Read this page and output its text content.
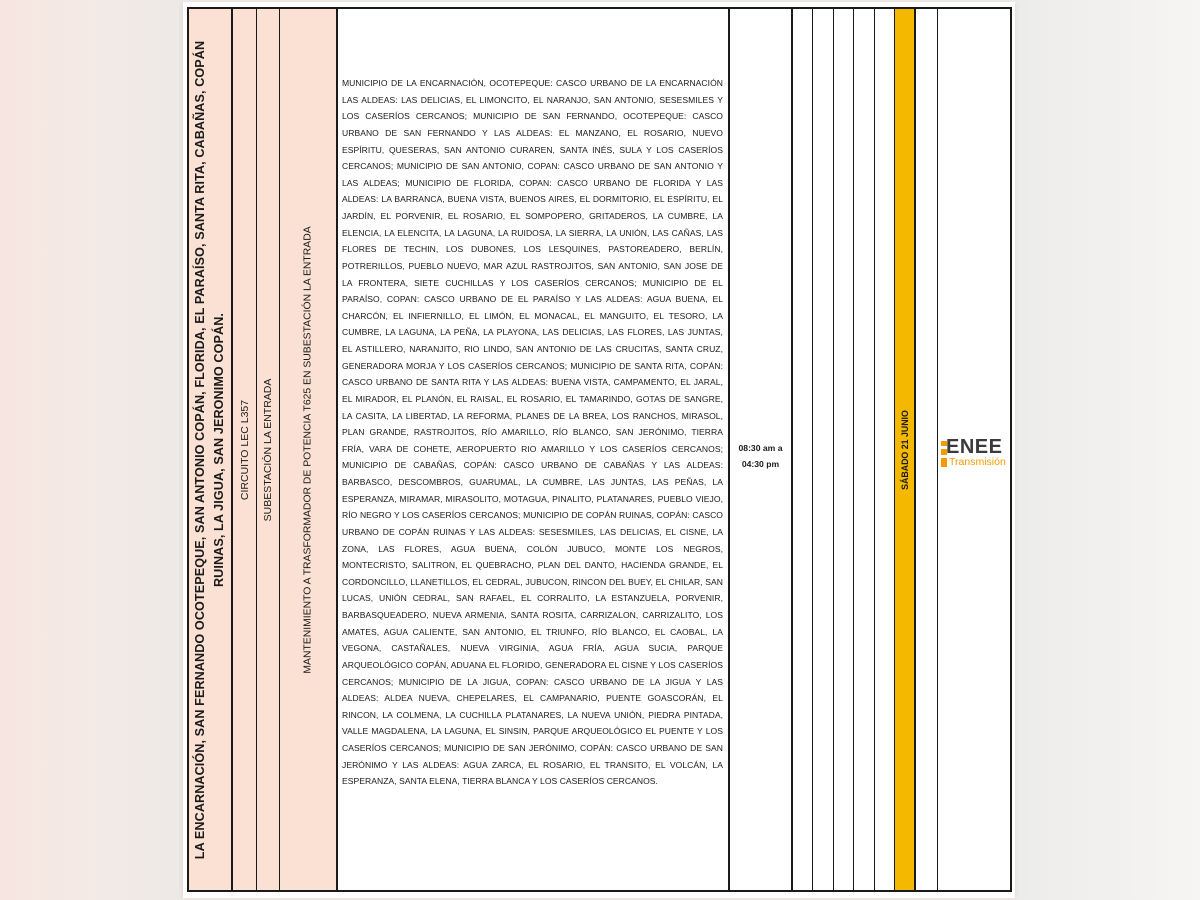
LA ENCARNACIÓN, SAN FERNANDO OCOTEPEQUE, SAN ANTONIO COPÁN, FLORIDA, EL PARAÍSO, SANTA RITA, CABAÑAS, COPÁN RUINAS, LA JIGUA, SAN JERONIMO COPÁN. CIRCUITO LEC L357 SUBESTACIÓN LA ENTRADA	MANTENIMIENTO A TRASFORMADOR DE POTENCIA T625 EN SUBESTACIÓN LA ENTRADA
MUNICIPIO DE LA ENCARNACIÓN, OCOTEPEQUE: CASCO URBANO DE LA ENCARNACIÓN LAS ALDEAS: LAS DELICIAS, EL LIMONCITO, EL NARANJO, SAN ANTONIO, SESESMILES Y LOS CASERÍOS CERCANOS; MUNICIPIO DE SAN FERNANDO, OCOTEPEQUE: CASCO URBANO DE SAN FERNANDO Y LAS ALDEAS: EL MANZANO, EL ROSARIO, NUEVO ESPÍRITU, QUESERAS, SAN ANTONIO CURAREN, SANTA INÉS, SULA Y LOS CASERÍOS CERCANOS; MUNICIPIO DE SAN ANTONIO, COPAN: CASCO URBANO DE SAN ANTONIO Y LAS ALDEAS; MUNICIPIO DE FLORIDA, COPAN: CASCO URBANO DE FLORIDA Y LAS ALDEAS: LA BARRANCA, BUENA VISTA, BUENOS AIRES, EL DORMITORIO, EL ESPÍRITU, EL JARDÍN, EL PORVENIR, EL ROSARIO, EL SOMPOPERO, GRITADEROS, LA CUMBRE, LA ELENCIA, LA ELENCITA, LA LAGUNA, LA RUIDOSA, LA SIERRA, LA UNIÓN, LAS CAÑAS, LAS FLORES DE TECHIN, LOS DUBONES, LOS LESQUINES, PASTOREADERO, BERLÍN, POTRERILLOS, PUEBLO NUEVO, MAR AZUL RASTROJITOS, SAN ANTONIO, SAN JOSE DE LA FRONTERA, SIETE CUCHILLAS Y LOS CASERÍOS CERCANOS; MUNICIPIO DE EL PARAÍSO, COPAN: CASCO URBANO DE EL PARAÍSO Y LAS ALDEAS: AGUA BUENA, EL CHARCÓN, EL INFIERNILLO, EL LIMÓN, EL MONACAL, EL MANGUITO, EL TESORO, LA CUMBRE, LA LAGUNA, LA PEÑA, LA PLAYONA, LAS DELICIAS, LAS FLORES, LAS JUNTAS, EL ASTILLERO, NARANJITO, RIO LINDO, SAN ANTONIO DE LAS CRUCITAS, SANTA CRUZ, GENERADORA MORJA Y LOS CASERÍOS CERCANOS; MUNICIPIO DE SANTA RITA, COPÁN: CASCO URBANO DE SANTA RITA Y LAS ALDEAS: BUENA VISTA, CAMPAMENTO, EL JARAL, EL MIRADOR, EL PLANÓN, EL RAISAL, EL ROSARIO, EL TAMARINDO, GOTAS DE SANGRE, LA CASITA, LA LIBERTAD, LA REFORMA, PLANES DE LA BREA, LOS RANCHOS, MIRASOL, PLAN GRANDE, RASTROJITOS, RÍO AMARILLO, RÍO BLANCO, SAN JERÓNIMO, TIERRA FRÍA, VARA DE COHETE, AEROPUERTO RIO AMARILLO Y LOS CASERÍOS CERCANOS; MUNICIPIO DE CABAÑAS, COPÁN: CASCO URBANO DE CABAÑAS Y LAS ALDEAS: BARBASCO, DESCOMBROS, GUARUMAL, LA CUMBRE, LAS JUNTAS, LAS PEÑAS, LA ESPERANZA, MIRAMAR, MIRASOLITO, MOTAGUA, PINALITO, PLATANARES, PUEBLO VIEJO, RÍO NEGRO Y LOS CASERÍOS CERCANOS; MUNICIPIO DE COPÁN RUINAS, COPÁN: CASCO URBANO DE COPÁN RUINAS Y LAS ALDEAS: SESESMILES, LAS DELICIAS, EL CISNE, LA ZONA, LAS FLORES, AGUA BUENA, COLÓN JUBUCO, MONTE LOS NEGROS, MONTECRISTO, SALITRON, EL QUEBRACHO, PLAN DEL DANTO, HACIENDA GRANDE, EL CORDONCILLO, LLANETILLOS, EL CEDRAL, JUBUCON, RINCON DEL BUEY, EL CHILAR, SAN LUCAS, UNIÓN CEDRAL, SAN RAFAEL, EL CORRALITO, LA ESTANZUELA, PORVENIR, BARBASQUEADERO, NUEVA ARMENIA, SANTA ROSITA, CARRIZALON, CARRIZALITO, LOS AMATES, AGUA CALIENTE, SAN ANTONIO, EL TRIUNFO, RÍO BLANCO, EL CAOBAL, LA VEGONA, CASTAÑALES, NUEVA VIRGINIA, AGUA FRÍA, AGUA SUCIA, PARQUE ARQUEOLÓGICO COPÁN, ADUANA EL FLORIDO, GENERADORA EL CISNE Y LOS CASERÍOS CERCANOS; MUNICIPIO DE LA JIGUA, COPAN: CASCO URBANO DE LA JIGUA Y LAS ALDEAS: ALDEA NUEVA, CHEPELARES, EL CAMPANARIO, PUENTE GOASCORÁN, EL RINCON, LA COLMENA, LA CUCHILLA PLATANARES, LA NUEVA UNIÓN, PIEDRA PINTADA, VALLE MAGDALENA, LA LAGUNA, EL SINSIN, PARQUE ARQUEOLÓGICO EL PUENTE Y LOS CASERÍOS CERCANOS; MUNICIPIO DE SAN JERÓNIMO, COPÁN: CASCO URBANO DE SAN JERÓNIMO Y LAS ALDEAS: AGUA ZARCA, EL ROSARIO, EL TRANSITO, EL VOLCÁN, LA ESPERANZA, SANTA ELENA, TIERRA BLANCA Y LOS CASERÍOS CERCANOS.
08:30 am a
04:30 pm	SÁBADO 21 JUNIO ENEE
Transmisión
